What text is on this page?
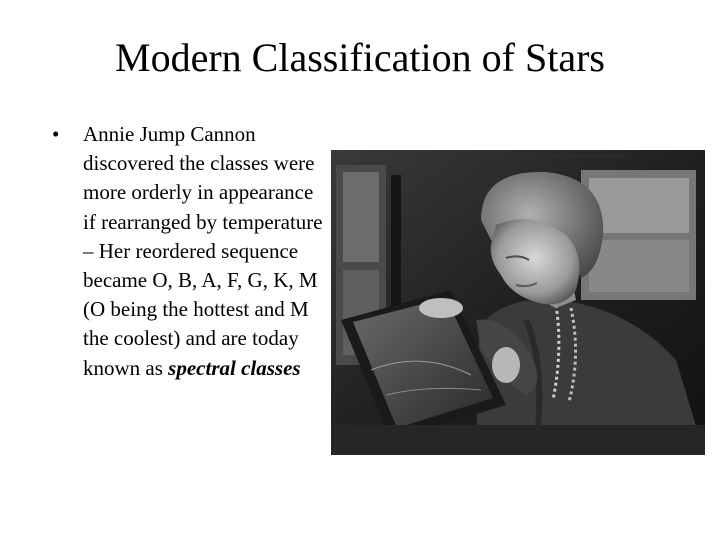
Modern Classification of Stars
•	Annie Jump Cannon discovered the classes were more orderly in appearance if rearranged by temperature – Her reordered sequence became O, B, A, F, G, K, M (O being the hottest and M the coolest) and are today known as spectral classes
Copyright © The McGraw-Hill Companies, Inc. Permission required for reproduction or display.
